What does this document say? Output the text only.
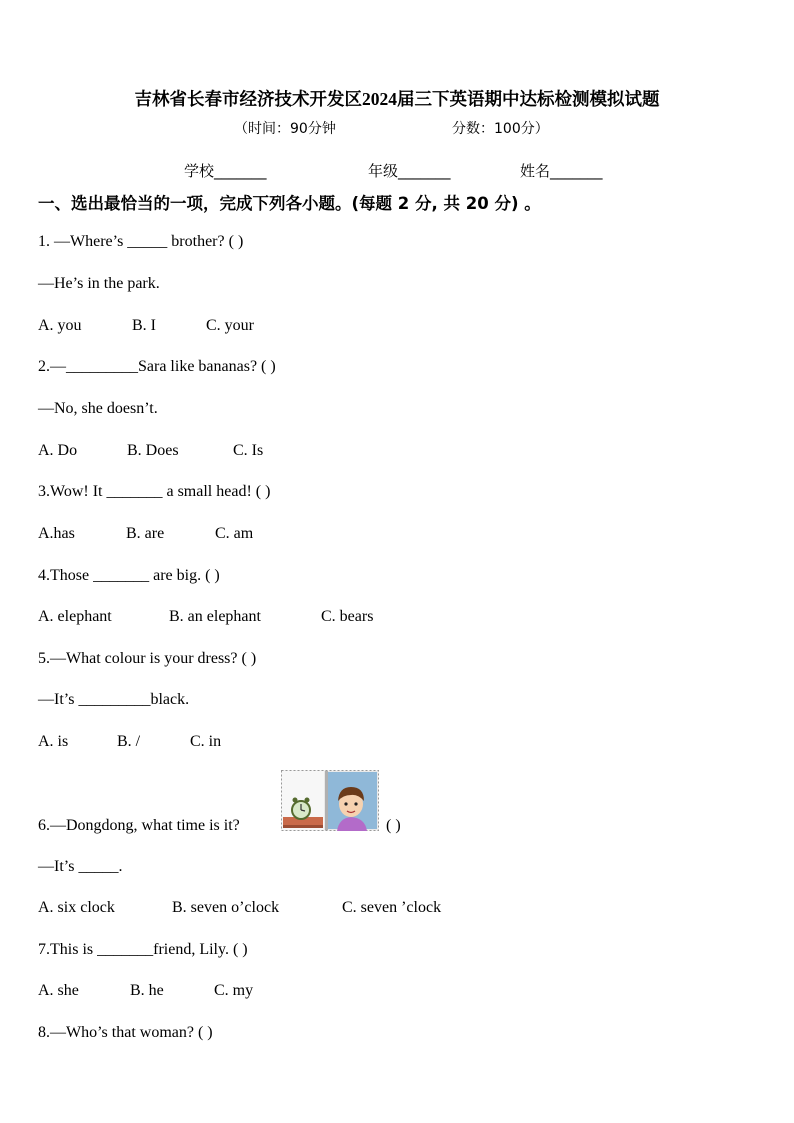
吉林省长春市经济技术开发区2024届三下英语期中达标检测模拟试题
（时间：90分钟	分数：100分）
学校_______	年级_______	姓名_______
一、选出最恰当的一项，完成下列各小题。(每题 2 分, 共 20 分) 。
1. —Where’s _____ brother? ( )
—He’s in the park.
A. you	B. I	C. your
2.—_________Sara like bananas? ( )
—No, she doesn’t.
A. Do	B. Does	C. Is
3.Wow! It _______ a small head! ( )
A.has	B. are	C. am
4.Those _______ are big. ( )
A. elephant	B. an elephant	C. bears
5.—What colour is your dress? ( )
—It’s _________black.
A. is	B. /	C. in
6.—Dongdong, what time is it?	( )
—It’s _____.
A. six clock	B. seven o’clock	C. seven ’clock
7.This is _______friend, Lily. ( )
A. she	B. he	C. my
8.—Who’s that woman? ( )
